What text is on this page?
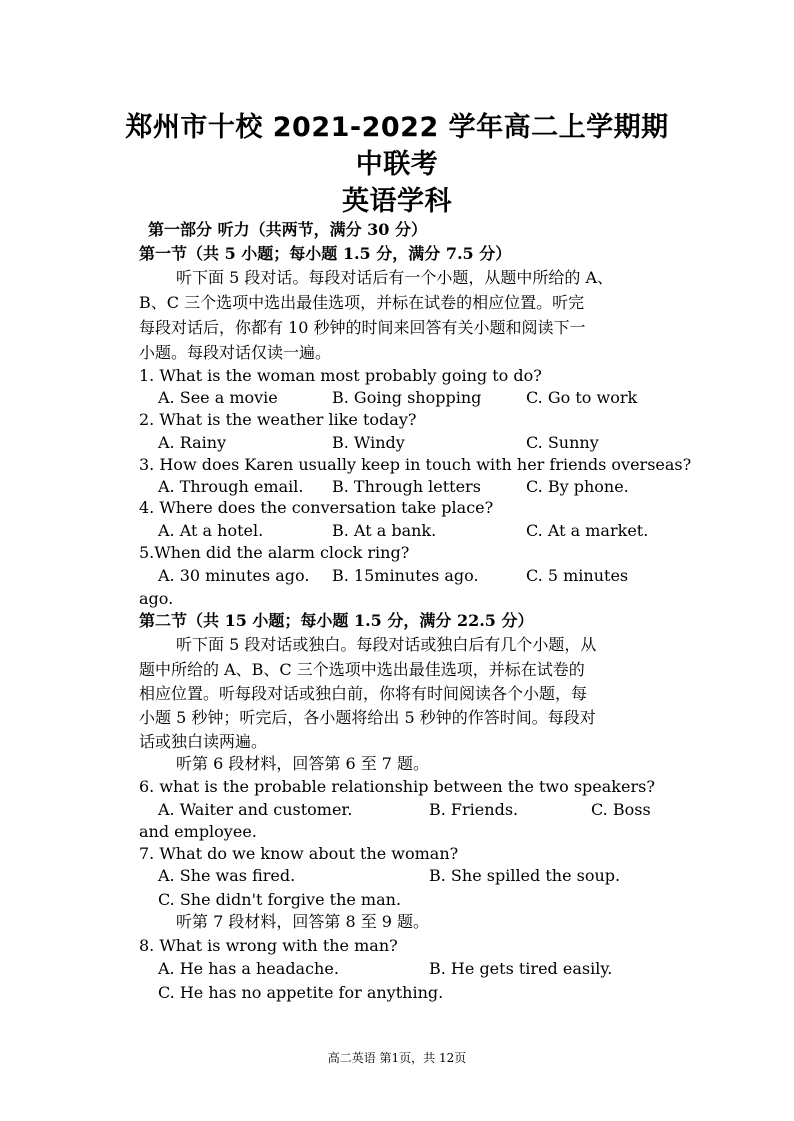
郑州市十校 2021-2022 学年高二上学期期
中联考
英语学科
第一部分 听力（共两节，满分 30 分）
第一节（共 5 小题；每小题 1.5 分，满分 7.5 分）
听下面 5 段对话。每段对话后有一个小题，从题中所给的 A、
B、C 三个选项中选出最佳选项，并标在试卷的相应位置。听完
每段对话后，你都有 10 秒钟的时间来回答有关小题和阅读下一
小题。每段对话仅读一遍。
1. What is the woman most probably going to do?
A. See a movie	B. Going shopping	C. Go to work
2. What is the weather like today?
A. Rainy	B. Windy	C. Sunny
3. How does Karen usually keep in touch with her friends overseas?
A. Through email. B. Through letters	C. By phone.
4. Where does the conversation take place?
A. At a hotel.	B. At a bank.	C. At a market.
5.When did the alarm clock ring?
A. 30 minutes ago. B. 15minutes ago.	C. 5 minutes
ago.
第二节（共 15 小题；每小题 1.5 分，满分 22.5 分）
听下面 5 段对话或独白。每段对话或独白后有几个小题，从
题中所给的 A、B、C 三个选项中选出最佳选项，并标在试卷的
相应位置。听每段对话或独白前，你将有时间阅读各个小题，每
小题 5 秒钟；听完后，各小题将给出 5 秒钟的作答时间。每段对
话或独白读两遍。
听第 6 段材料，回答第 6 至 7 题。
6. what is the probable relationship between the two speakers?
A. Waiter and customer.	B. Friends.	C. Boss
and employee.
7. What do we know about the woman?
A. She was fired.	B. She spilled the soup.
C. She didn't forgive the man.
听第 7 段材料，回答第 8 至 9 题。
8. What is wrong with the man?
A. He has a headache.	B. He gets tired easily.
C. He has no appetite for anything.
高二英语 第1页，共 12页
